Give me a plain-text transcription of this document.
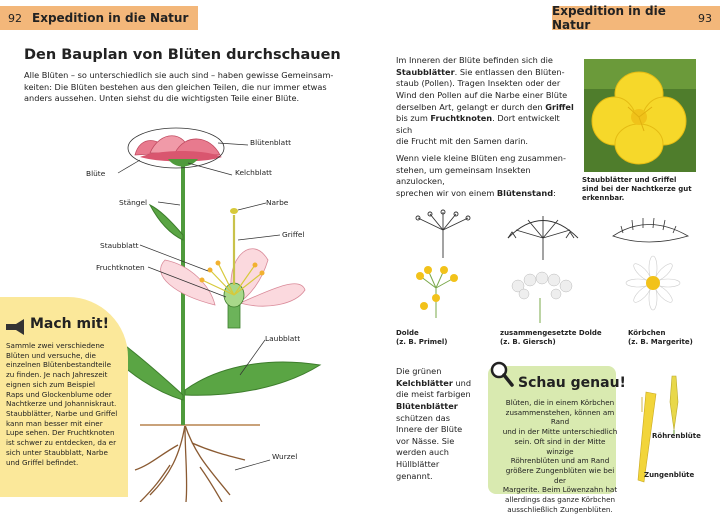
92 Expedition in die Natur	Expedition in die Natur	93
Den Bauplan von Blüten durchschauen
Alle Blüten – so unterschiedlich sie auch sind – haben gewisse Gemeinsam-
keiten: Die Blüten bestehen aus den gleichen Teilen, die nur immer etwas
anders aussehen. Unten siehst du die wichtigsten Teile einer Blüte.
Blütenblatt
Blüte	Kelchblatt
Stängel	Narbe
Griffel
Staubblatt
Fruchtknoten
Laubblatt
Wurzel
Mach mit!
Sammle zwei verschiedene
Blüten und versuche, die
einzelnen Blütenbestandteile
zu finden. Je nach Jahreszeit
eignen sich zum Beispiel
Raps und Glockenblume oder
Nachtkerze und Johanniskraut.
Staubblätter, Narbe und Griffel
kann man besser mit einer
Lupe sehen. Der Fruchtknoten
ist schwer zu entdecken, da er
sich unter Staubblatt, Narbe
und Griffel befindet.
Im Inneren der Blüte befinden sich die
Staubblätter. Sie entlassen den Blüten-
staub (Pollen). Tragen Insekten oder der
Wind den Pollen auf die Narbe einer Blüte
derselben Art, gelangt er durch den Griffel
bis zum Fruchtknoten. Dort entwickelt sich
die Frucht mit den Samen darin.
Wenn viele kleine Blüten eng zusammen-
stehen, um gemeinsam Insekten anzulocken,
sprechen wir von einem Blütenstand:
Staubblätter und Griffel
sind bei der Nachtkerze gut
erkennbar.
Dolde
(z. B. Primel)
zusammengesetzte Dolde
(z. B. Giersch)
Körbchen
(z. B. Margerite)
Die grünen
Kelchblätter und
die meist farbigen
Blütenblätter
schützen das
Innere der Blüte
vor Nässe. Sie
werden auch
Hüllblätter
genannt.
Schau genau!
Blüten, die in einem Körbchen
zusammenstehen, können am Rand
und in der Mitte unterschiedlich
sein. Oft sind in der Mitte winzige
Röhrenblüten und am Rand
größere Zungenblüten wie bei der
Margerite. Beim Löwenzahn hat
allerdings das ganze Körbchen
ausschließlich Zungenblüten.
Röhrenblüte
Zungenblüte
